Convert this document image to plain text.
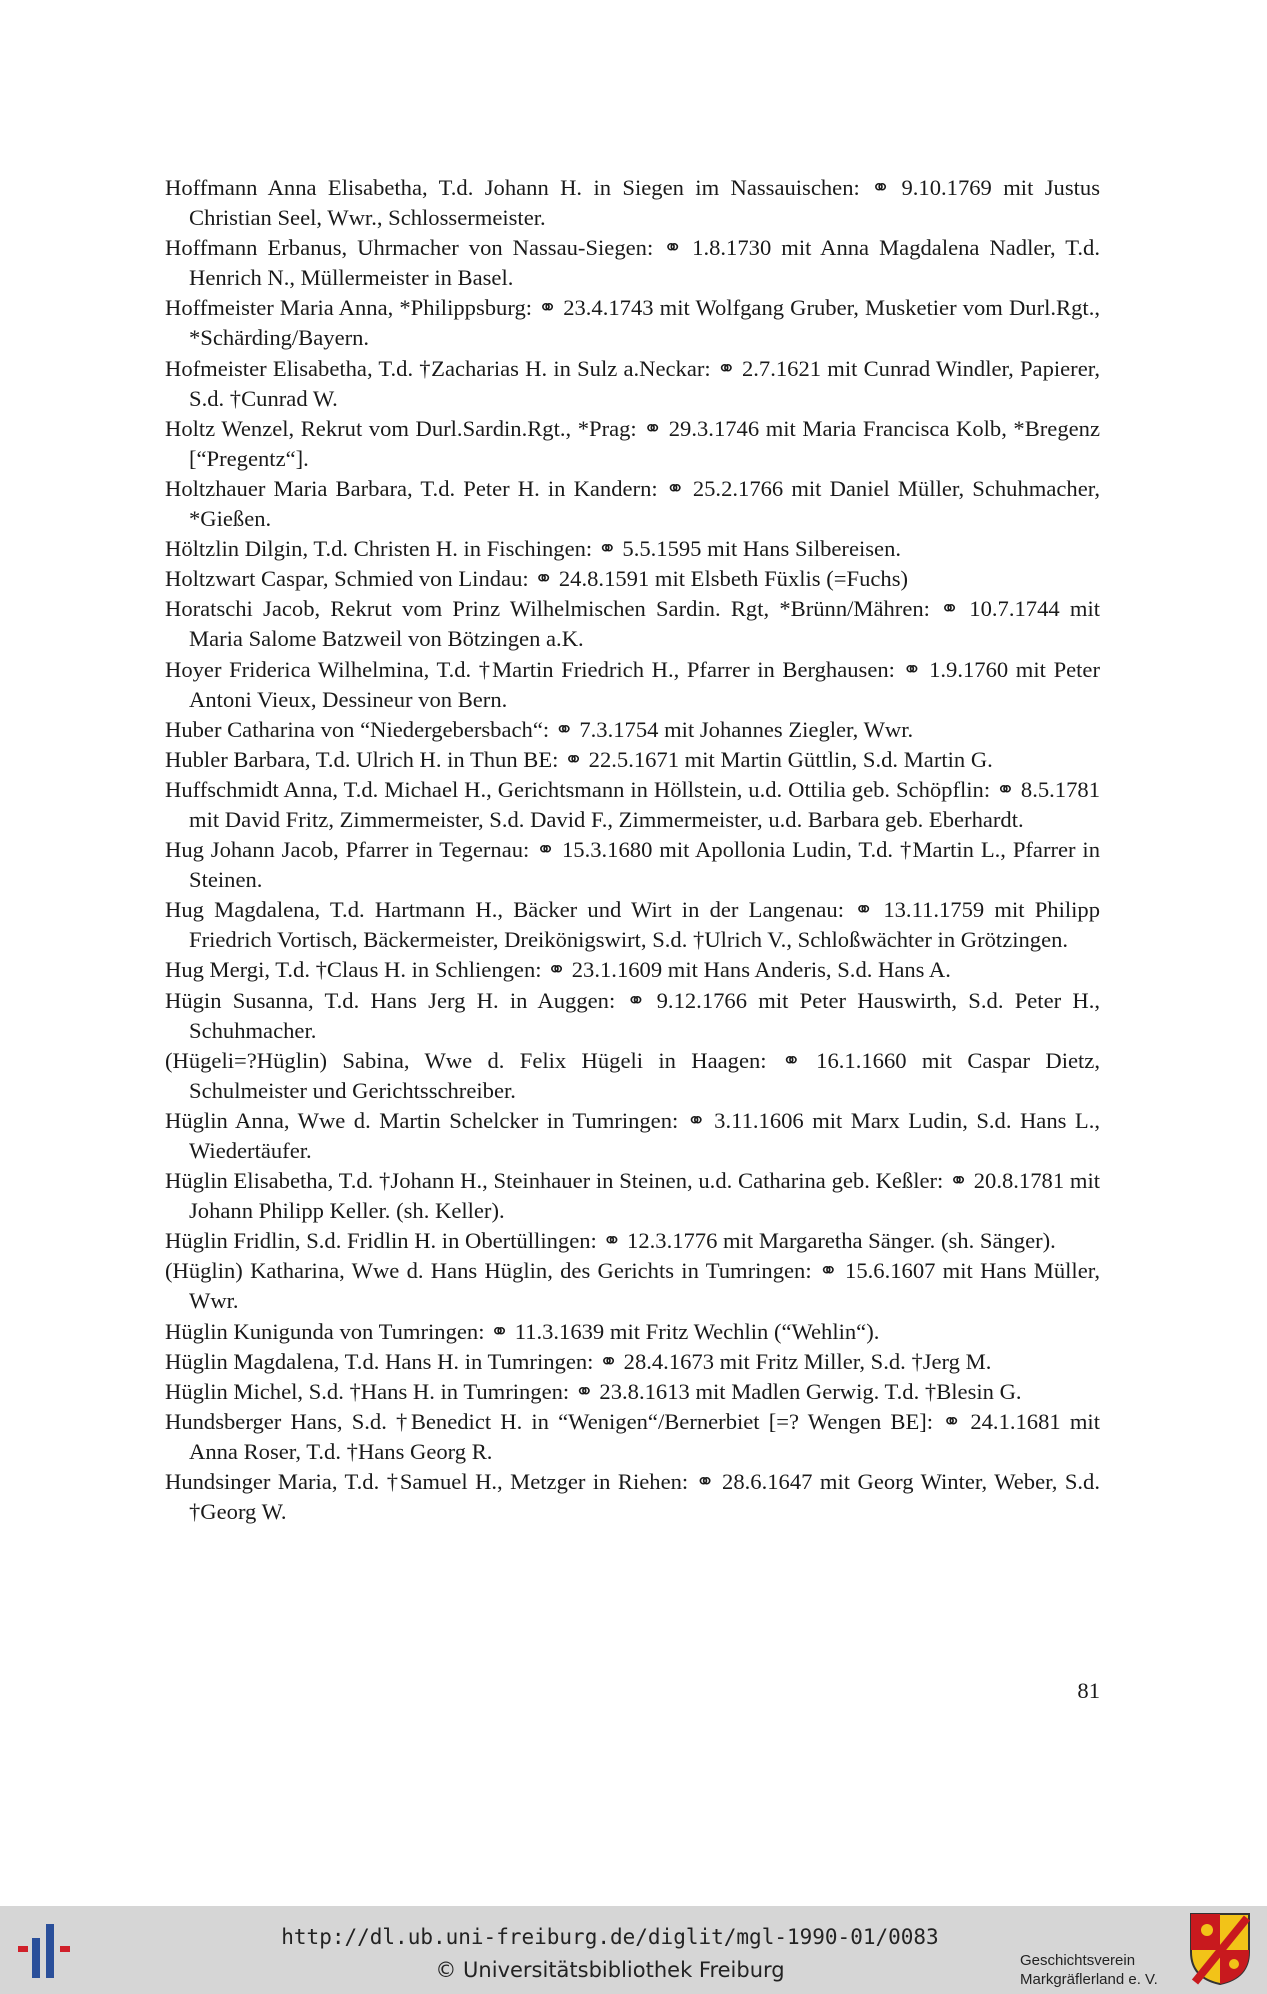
Hoffmann Anna Elisabetha, T.d. Johann H. in Siegen im Nassauischen: ⚭ 9.10.1769 mit Justus Christian Seel, Wwr., Schlossermeister.

Hoffmann Erbanus, Uhrmacher von Nassau-Siegen: ⚭ 1.8.1730 mit Anna Magdalena Nadler, T.d. Henrich N., Müllermeister in Basel.

Hoffmeister Maria Anna, *Philippsburg: ⚭ 23.4.1743 mit Wolfgang Gruber, Musketier vom Durl.Rgt., *Schärding/Bayern.

Hofmeister Elisabetha, T.d. †Zacharias H. in Sulz a.Neckar: ⚭ 2.7.1621 mit Cunrad Windler, Papierer, S.d. †Cunrad W.

Holtz Wenzel, Rekrut vom Durl.Sardin.Rgt., *Prag: ⚭ 29.3.1746 mit Maria Francisca Kolb, *Bregenz [“Pregentz“].

Holtzhauer Maria Barbara, T.d. Peter H. in Kandern: ⚭ 25.2.1766 mit Daniel Müller, Schuhmacher, *Gießen.

Höltzlin Dilgin, T.d. Christen H. in Fischingen: ⚭ 5.5.1595 mit Hans Silbereisen.

Holtzwart Caspar, Schmied von Lindau: ⚭ 24.8.1591 mit Elsbeth Füxlis (=Fuchs)

Horatschi Jacob, Rekrut vom Prinz Wilhelmischen Sardin. Rgt, *Brünn/Mähren: ⚭ 10.7.1744 mit Maria Salome Batzweil von Bötzingen a.K.

Hoyer Friderica Wilhelmina, T.d. †Martin Friedrich H., Pfarrer in Berghausen: ⚭ 1.9.1760 mit Peter Antoni Vieux, Dessineur von Bern.

Huber Catharina von “Niedergebersbach“: ⚭ 7.3.1754 mit Johannes Ziegler, Wwr.

Hubler Barbara, T.d. Ulrich H. in Thun BE: ⚭ 22.5.1671 mit Martin Güttlin, S.d. Martin G.

Huffschmidt Anna, T.d. Michael H., Gerichtsmann in Höllstein, u.d. Ottilia geb. Schöpflin: ⚭ 8.5.1781 mit David Fritz, Zimmermeister, S.d. David F., Zimmermeister, u.d. Barbara geb. Eberhardt.

Hug Johann Jacob, Pfarrer in Tegernau: ⚭ 15.3.1680 mit Apollonia Ludin, T.d. †Martin L., Pfarrer in Steinen.

Hug Magdalena, T.d. Hartmann H., Bäcker und Wirt in der Langenau: ⚭ 13.11.1759 mit Philipp Friedrich Vortisch, Bäckermeister, Dreikönigswirt, S.d. †Ulrich V., Schloßwächter in Grötzingen.

Hug Mergi, T.d. †Claus H. in Schliengen: ⚭ 23.1.1609 mit Hans Anderis, S.d. Hans A.

Hügin Susanna, T.d. Hans Jerg H. in Auggen: ⚭ 9.12.1766 mit Peter Hauswirth, S.d. Peter H., Schuhmacher.

(Hügeli=?Hüglin) Sabina, Wwe d. Felix Hügeli in Haagen: ⚭ 16.1.1660 mit Caspar Dietz, Schulmeister und Gerichtsschreiber.

Hüglin Anna, Wwe d. Martin Schelcker in Tumringen: ⚭ 3.11.1606 mit Marx Ludin, S.d. Hans L., Wiedertäufer.

Hüglin Elisabetha, T.d. †Johann H., Steinhauer in Steinen, u.d. Catharina geb. Keßler: ⚭ 20.8.1781 mit Johann Philipp Keller. (sh. Keller).

Hüglin Fridlin, S.d. Fridlin H. in Obertüllingen: ⚭ 12.3.1776 mit Margaretha Sänger. (sh. Sänger).

(Hüglin) Katharina, Wwe d. Hans Hüglin, des Gerichts in Tumringen: ⚭ 15.6.1607 mit Hans Müller, Wwr.

Hüglin Kunigunda von Tumringen: ⚭ 11.3.1639 mit Fritz Wechlin (“Wehlin“).

Hüglin Magdalena, T.d. Hans H. in Tumringen: ⚭ 28.4.1673 mit Fritz Miller, S.d. †Jerg M.

Hüglin Michel, S.d. †Hans H. in Tumringen: ⚭ 23.8.1613 mit Madlen Gerwig. T.d. †Blesin G.

Hundsberger Hans, S.d. †Benedict H. in “Wenigen“/Bernerbiet [=? Wengen BE]: ⚭ 24.1.1681 mit Anna Roser, T.d. †Hans Georg R.

Hundsinger Maria, T.d. †Samuel H., Metzger in Riehen: ⚭ 28.6.1647 mit Georg Winter, Weber, S.d. †Georg W.

81
http://dl.ub.uni-freiburg.de/diglit/mgl-1990-01/0083
© Universitätsbibliothek Freiburg	Geschichtsverein
Markgräflerland e. V.
